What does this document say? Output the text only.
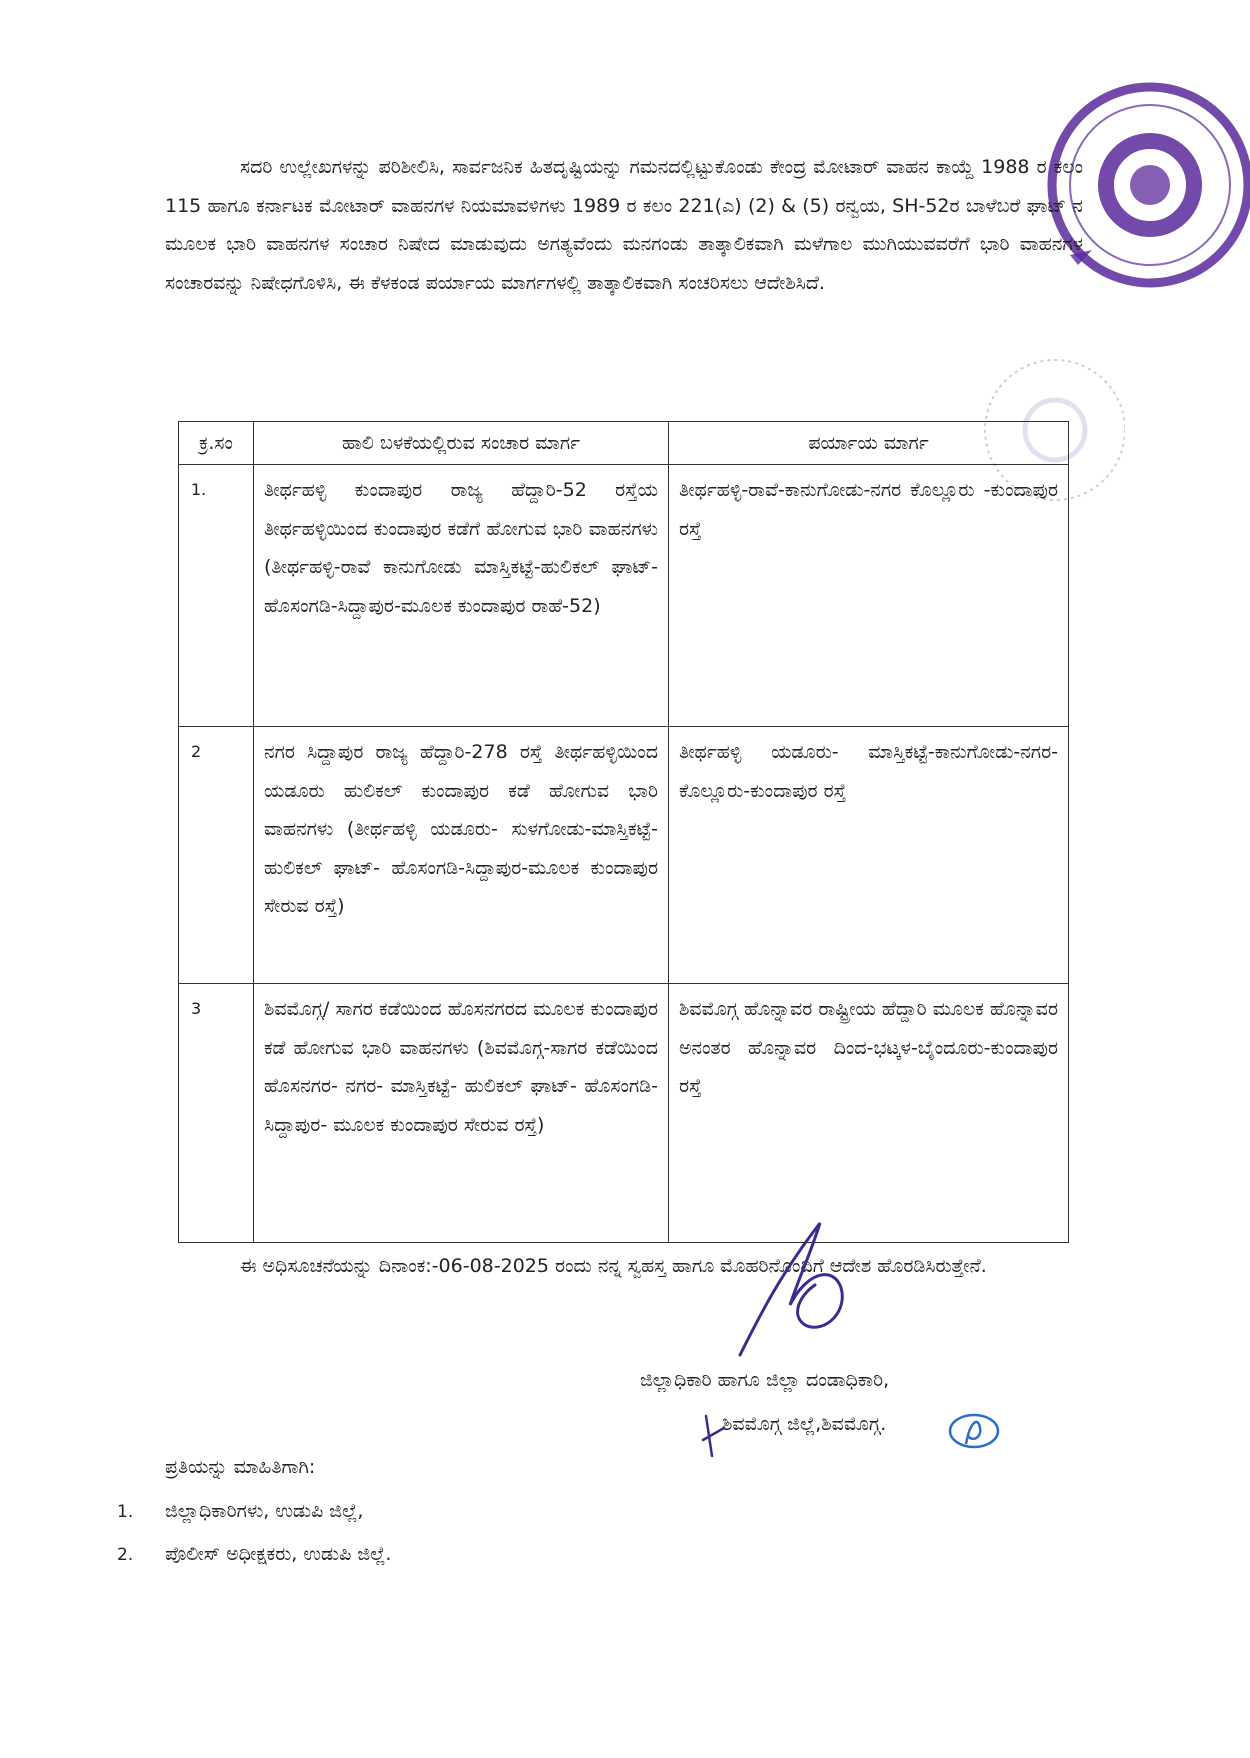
ಸದರಿ ಉಲ್ಲೇಖಗಳನ್ನು ಪರಿಶೀಲಿಸಿ, ಸಾರ್ವಜನಿಕ ಹಿತದೃಷ್ಟಿಯನ್ನು ಗಮನದಲ್ಲಿಟ್ಟುಕೊಂಡು ಕೇಂದ್ರ ಮೋಟಾರ್ ವಾಹನ ಕಾಯ್ದೆ 1988 ರ ಕಲಂ 115 ಹಾಗೂ ಕರ್ನಾಟಕ ಮೋಟಾರ್ ವಾಹನಗಳ ನಿಯಮಾವಳಿಗಳು 1989 ರ ಕಲಂ 221(ಎ) (2) & (5) ರನ್ವಯ, SH-52ರ ಬಾಳೆಬರೆ ಘಾಟ್ ನ ಮೂಲಕ ಭಾರಿ ವಾಹನಗಳ ಸಂಚಾರ ನಿಷೇದ ಮಾಡುವುದು ಅಗತ್ಯವೆಂದು ಮನಗಂಡು ತಾತ್ಕಾಲಿಕವಾಗಿ ಮಳೆಗಾಲ ಮುಗಿಯುವವರೆಗೆ ಭಾರಿ ವಾಹನಗಳ ಸಂಚಾರವನ್ನು ನಿಷೇಧಗೊಳಿಸಿ, ಈ ಕೆಳಕಂಡ ಪರ್ಯಾಯ ಮಾರ್ಗಗಳಲ್ಲಿ ತಾತ್ಕಾಲಿಕವಾಗಿ ಸಂಚರಿಸಲು ಆದೇಶಿಸಿದೆ.

ಕ್ರ.ಸಂ	ಹಾಲಿ ಬಳಕೆಯಲ್ಲಿರುವ ಸಂಚಾರ ಮಾರ್ಗ	ಪರ್ಯಾಯ ಮಾರ್ಗ
1.	ತೀರ್ಥಹಳ್ಳಿ ಕುಂದಾಪುರ ರಾಜ್ಯ ಹೆದ್ದಾರಿ-52 ರಸ್ತೆಯ ತೀರ್ಥಹಳ್ಳಿಯಿಂದ ಕುಂದಾಪುರ ಕಡೆಗೆ ಹೋಗುವ ಭಾರಿ ವಾಹನಗಳು (ತೀರ್ಥಹಳ್ಳಿ-ರಾವೆ ಕಾನುಗೋಡು ಮಾಸ್ತಿಕಟ್ಟೆ-ಹುಲಿಕಲ್ ಘಾಟ್-ಹೊಸಂಗಡಿ-ಸಿದ್ದಾಪುರ-ಮೂಲಕ ಕುಂದಾಪುರ ರಾಹೆ-52)	ತೀರ್ಥಹಳ್ಳಿ-ರಾವೆ-ಕಾನುಗೋಡು-ನಗರ ಕೊಲ್ಲೂರು -ಕುಂದಾಪುರ ರಸ್ತೆ
2	ನಗರ ಸಿದ್ದಾಪುರ ರಾಜ್ಯ ಹೆದ್ದಾರಿ-278 ರಸ್ತೆ ತೀರ್ಥಹಳ್ಳಿಯಿಂದ ಯಡೂರು ಹುಲಿಕಲ್ ಕುಂದಾಪುರ ಕಡೆ ಹೋಗುವ ಭಾರಿ ವಾಹನಗಳು (ತೀರ್ಥಹಳ್ಳಿ ಯಡೂರು- ಸುಳಗೋಡು-ಮಾಸ್ತಿಕಟ್ಟೆ-ಹುಲಿಕಲ್ ಘಾಟ್- ಹೊಸಂಗಡಿ-ಸಿದ್ದಾಪುರ-ಮೂಲಕ ಕುಂದಾಪುರ ಸೇರುವ ರಸ್ತೆ)	ತೀರ್ಥಹಳ್ಳಿ ಯಡೂರು- ಮಾಸ್ತಿಕಟ್ಟೆ-ಕಾನುಗೋಡು-ನಗರ-ಕೊಲ್ಲೂರು-ಕುಂದಾಪುರ ರಸ್ತೆ
3	ಶಿವಮೊಗ್ಗ/ ಸಾಗರ ಕಡೆಯಿಂದ ಹೊಸನಗರದ ಮೂಲಕ ಕುಂದಾಪುರ ಕಡೆ ಹೋಗುವ ಭಾರಿ ವಾಹನಗಳು (ಶಿವಮೊಗ್ಗ-ಸಾಗರ ಕಡೆಯಿಂದ ಹೊಸನಗರ- ನಗರ- ಮಾಸ್ತಿಕಟ್ಟೆ- ಹುಲಿಕಲ್ ಘಾಟ್- ಹೊಸಂಗಡಿ- ಸಿದ್ದಾಪುರ- ಮೂಲಕ ಕುಂದಾಪುರ ಸೇರುವ ರಸ್ತೆ)	ಶಿವಮೊಗ್ಗ ಹೊನ್ನಾವರ ರಾಷ್ಟ್ರೀಯ ಹೆದ್ದಾರಿ ಮೂಲಕ ಹೊನ್ನಾವರ ಅನಂತರ ಹೊನ್ನಾವರ ದಿಂದ-ಭಟ್ಕಳ-ಬೈಂದೂರು-ಕುಂದಾಪುರ ರಸ್ತೆ

ಈ ಅಧಿಸೂಚನೆಯನ್ನು ದಿನಾಂಕ:-06-08-2025 ರಂದು ನನ್ನ ಸ್ವಹಸ್ತ ಹಾಗೂ ಮೊಹರಿನೊಂದಿಗೆ ಆದೇಶ ಹೊರಡಿಸಿರುತ್ತೇನೆ.

ಜಿಲ್ಲಾಧಿಕಾರಿ ಹಾಗೂ ಜಿಲ್ಲಾ ದಂಡಾಧಿಕಾರಿ,
ಶಿವಮೊಗ್ಗ ಜಿಲ್ಲೆ,ಶಿವಮೊಗ್ಗ.
ಪ್ರತಿಯನ್ನು ಮಾಹಿತಿಗಾಗಿ:
1. ಜಿಲ್ಲಾಧಿಕಾರಿಗಳು, ಉಡುಪಿ ಜಿಲ್ಲೆ,
2. ಪೊಲೀಸ್ ಅಧೀಕ್ಷಕರು, ಉಡುಪಿ ಜಿಲ್ಲೆ.
